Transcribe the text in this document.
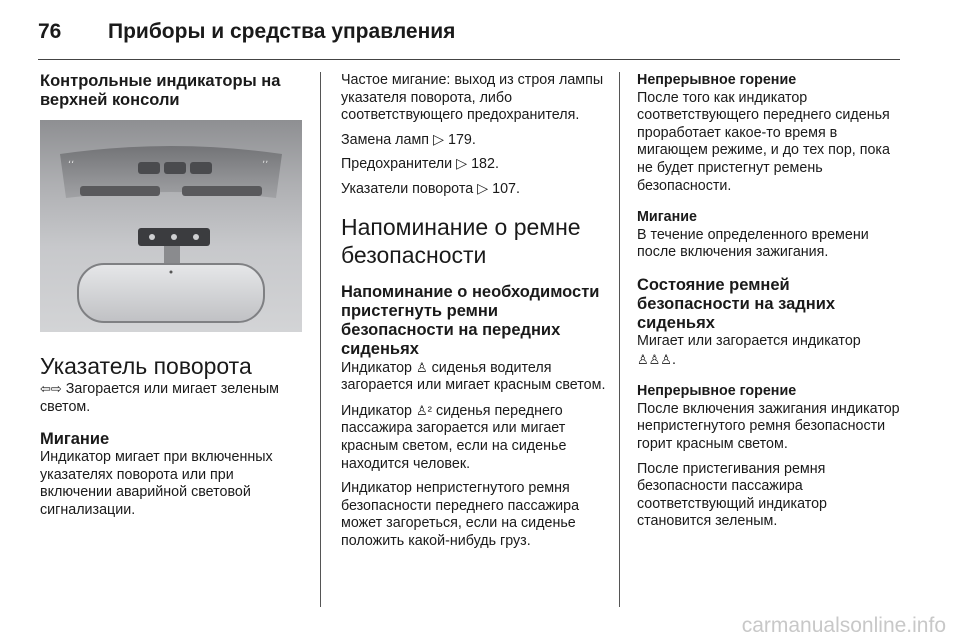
76	Приборы и средства управления
Контрольные индикаторы на верхней консоли
ʻʻ	ʼʼ
Указатель поворота

⇦⇨ Загорается или мигает зеленым светом.

Мигание

Индикатор мигает при включенных указателях поворота или при включении аварийной световой сигнализации.

Частое мигание: выход из строя лампы указателя поворота, либо соответствующего предохранителя.

Замена ламп ▷ 179.

Предохранители ▷ 182.

Указатели поворота ▷ 107.

Напоминание о ремне безопасности
Напоминание о необходимости пристегнуть ремни безопасности на передних сиденьях

Индикатор ♙ сиденья водителя загорается или мигает красным светом.

Индикатор ♙² сиденья переднего пассажира загорается или мигает красным светом, если на сиденье находится человек.

Индикатор непристегнутого ремня безопасности переднего пассажира может загореться, если на сиденье положить какой-нибудь груз.

Непрерывное горение

После того как индикатор соответствующего переднего сиденья проработает какое-то время в мигающем режиме, и до тех пор, пока не будет пристегнут ремень безопасности.

Мигание

В течение определенного времени после включения зажигания.

Состояние ремней безопасности на задних сиденьях

Мигает или загорается индикатор
♙♙♙.

Непрерывное горение

После включения зажигания индикатор непристегнутого ремня безопасности горит красным светом.

После пристегивания ремня безопасности пассажира соответствующий индикатор становится зеленым.

carmanualsonline.info
